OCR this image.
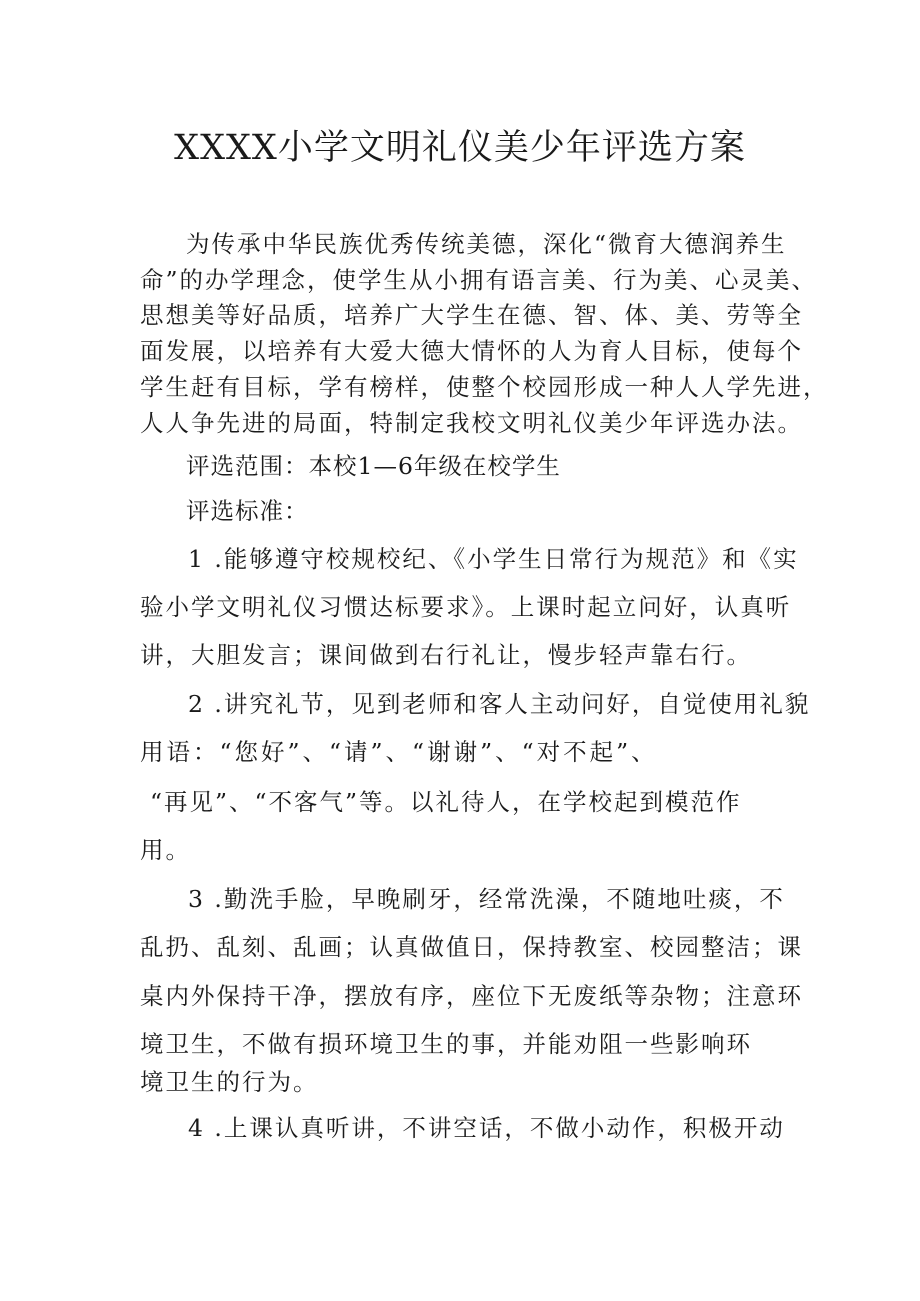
XXXX小学文明礼仪美少年评选方案
为传承中华民族优秀传统美德，深化“微育大德润养生
命”的办学理念，使学生从小拥有语言美、行为美、心灵美、
思想美等好品质，培养广大学生在德、智、体、美、劳等全
面发展，以培养有大爱大德大情怀的人为育人目标，使每个
学生赶有目标，学有榜样，使整个校园形成一种人人学先进，
人人争先进的局面，特制定我校文明礼仪美少年评选办法。
评选范围：本校1—6年级在校学生
评选标准：
1 .能够遵守校规校纪、《小学生日常行为规范》和《实
验小学文明礼仪习惯达标要求》。上课时起立问好，认真听
讲，大胆发言；课间做到右行礼让，慢步轻声靠右行。
2 .讲究礼节，见到老师和客人主动问好，自觉使用礼貌
用语：“您好”、“请”、“谢谢”、“对不起”、
“再见”、“不客气”等。以礼待人，在学校起到模范作
用。
3 .勤洗手脸，早晚刷牙，经常洗澡，不随地吐痰，不
乱扔、乱刻、乱画；认真做值日，保持教室、校园整洁；课
桌内外保持干净，摆放有序，座位下无废纸等杂物；注意环
境卫生，不做有损环境卫生的事，并能劝阻一些影响环
境卫生的行为。
4 .上课认真听讲，不讲空话，不做小动作，积极开动
